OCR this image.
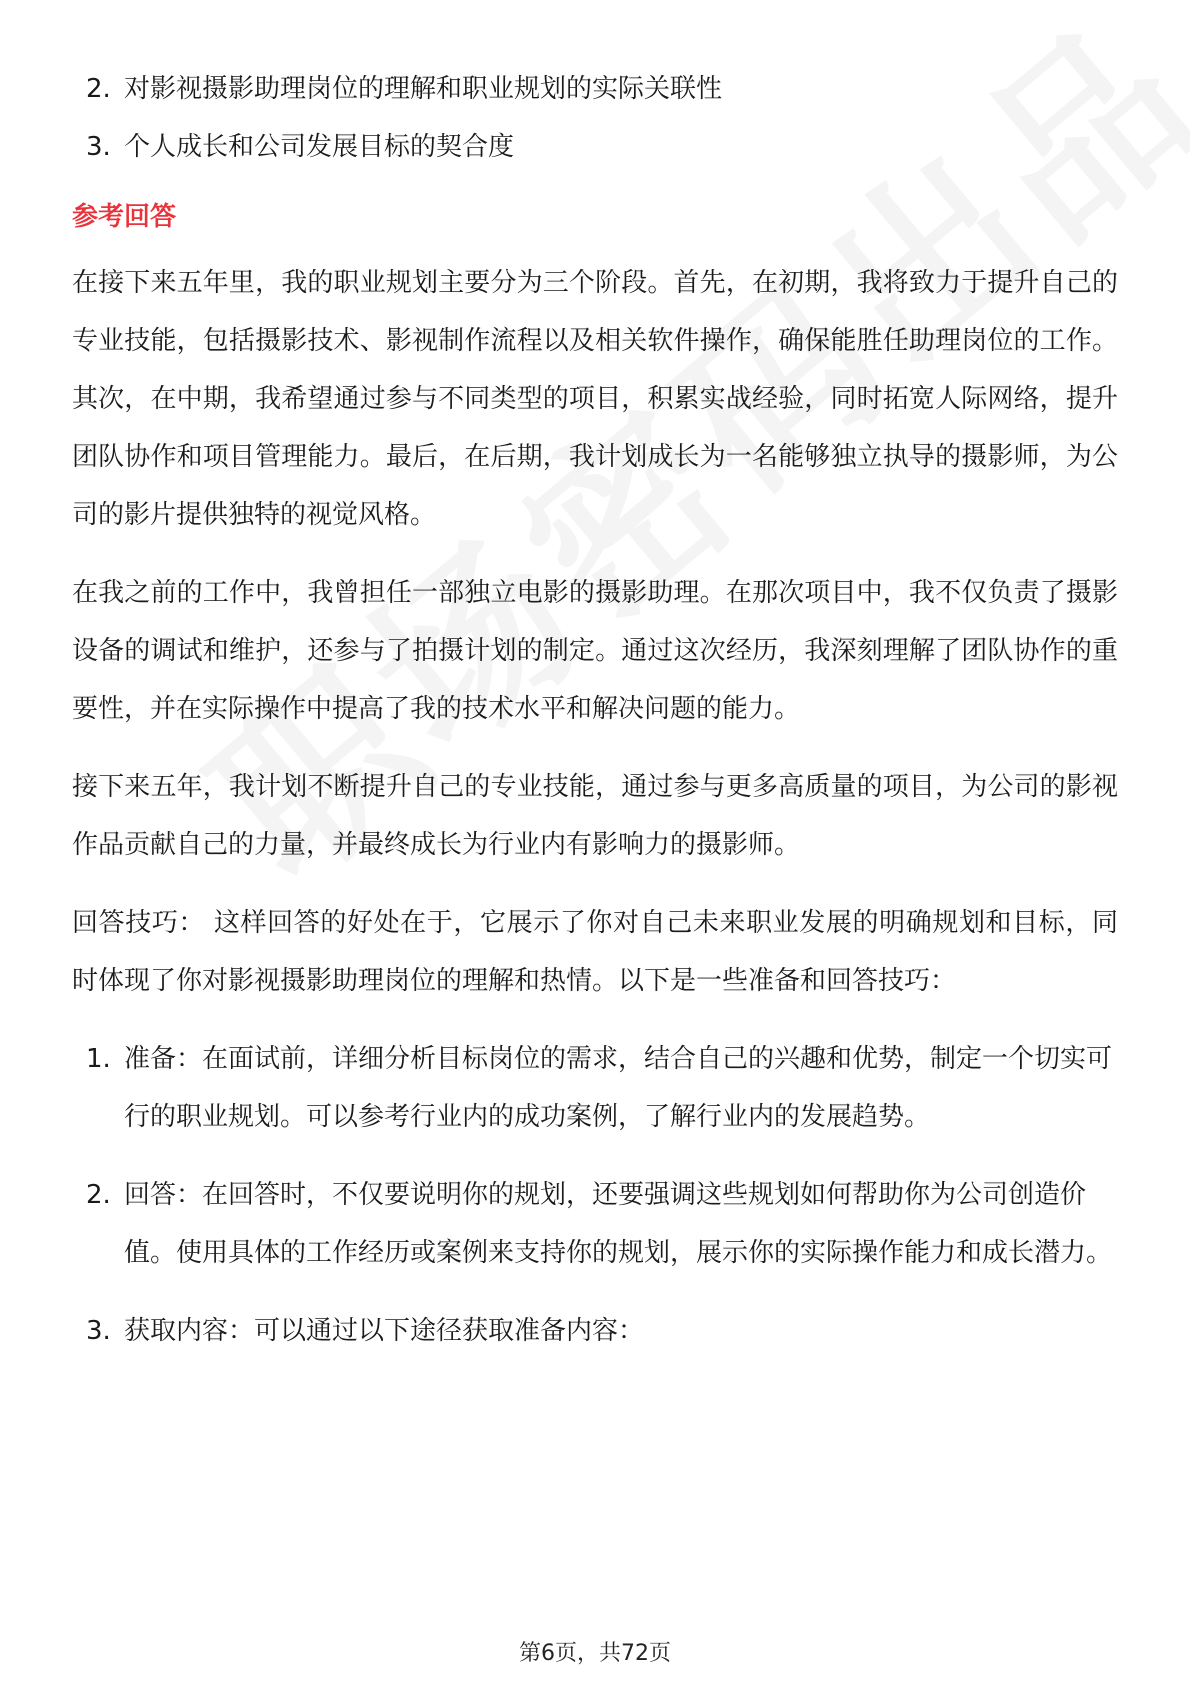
2. 对影视摄影助理岗位的理解和职业规划的实际关联性
3. 个人成长和公司发展目标的契合度
参考回答

在接下来五年里，我的职业规划主要分为三个阶段。首先，在初期，我将致力于提升自己的专业技能，包括摄影技术、影视制作流程以及相关软件操作，确保能胜任助理岗位的工作。其次，在中期，我希望通过参与不同类型的项目，积累实战经验，同时拓宽人际网络，提升团队协作和项目管理能力。最后，在后期，我计划成长为一名能够独立执导的摄影师，为公司的影片提供独特的视觉风格。

在我之前的工作中，我曾担任一部独立电影的摄影助理。在那次项目中，我不仅负责了摄影设备的调试和维护，还参与了拍摄计划的制定。通过这次经历，我深刻理解了团队协作的重要性，并在实际操作中提高了我的技术水平和解决问题的能力。

接下来五年，我计划不断提升自己的专业技能，通过参与更多高质量的项目，为公司的影视作品贡献自己的力量，并最终成长为行业内有影响力的摄影师。

回答技巧： 这样回答的好处在于，它展示了你对自己未来职业发展的明确规划和目标，同时体现了你对影视摄影助理岗位的理解和热情。以下是一些准备和回答技巧：

1. 准备：在面试前，详细分析目标岗位的需求，结合自己的兴趣和优势，制定一个切实可行的职业规划。可以参考行业内的成功案例，了解行业内的发展趋势。
2. 回答：在回答时，不仅要说明你的规划，还要强调这些规划如何帮助你为公司创造价值。使用具体的工作经历或案例来支持你的规划，展示你的实际操作能力和成长潜力。
3. 获取内容：可以通过以下途径获取准备内容：
第6页，共72页
